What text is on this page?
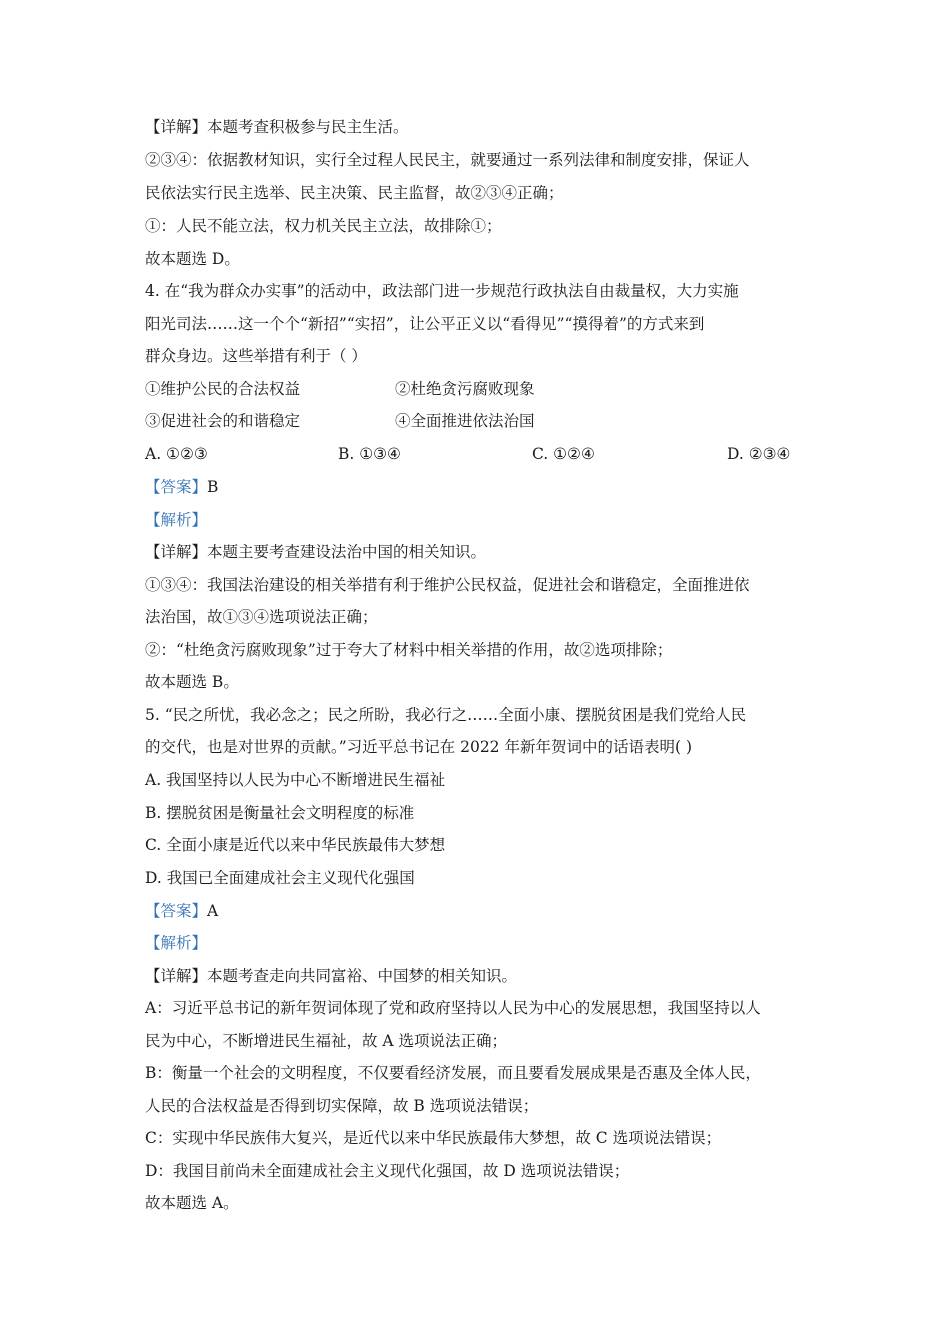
【详解】本题考查积极参与民主生活。
②③④：依据教材知识，实行全过程人民民主，就要通过一系列法律和制度安排，保证人
民依法实行民主选举、民主决策、民主监督，故②③④正确；
①：人民不能立法，权力机关民主立法，故排除①；
故本题选 D。
4. 在“我为群众办实事”的活动中，政法部门进一步规范行政执法自由裁量权，大力实施
阳光司法……这一个个“新招”“实招”，让公平正义以“看得见”“摸得着”的方式来到
群众身边。这些举措有利于（ ）
①维护公民的合法权益	②杜绝贪污腐败现象
③促进社会的和谐稳定	④全面推进依法治国
A. ①②③	B. ①③④	C. ①②④	D. ②③④
【答案】B
【解析】
【详解】本题主要考查建设法治中国的相关知识。
①③④：我国法治建设的相关举措有利于维护公民权益，促进社会和谐稳定，全面推进依
法治国，故①③④选项说法正确；
②：“杜绝贪污腐败现象”过于夸大了材料中相关举措的作用，故②选项排除；
故本题选 B。
5. “民之所忧，我必念之；民之所盼，我必行之……全面小康、摆脱贫困是我们党给人民
的交代，也是对世界的贡献。”习近平总书记在 2022 年新年贺词中的话语表明( )
A. 我国坚持以人民为中心不断增进民生福祉
B. 摆脱贫困是衡量社会文明程度的标准
C. 全面小康是近代以来中华民族最伟大梦想
D. 我国已全面建成社会主义现代化强国
【答案】A
【解析】
【详解】本题考查走向共同富裕、中国梦的相关知识。
A：习近平总书记的新年贺词体现了党和政府坚持以人民为中心的发展思想，我国坚持以人
民为中心，不断增进民生福祉，故 A 选项说法正确；
B：衡量一个社会的文明程度，不仅要看经济发展，而且要看发展成果是否惠及全体人民，
人民的合法权益是否得到切实保障，故 B 选项说法错误；
C：实现中华民族伟大复兴，是近代以来中华民族最伟大梦想，故 C 选项说法错误；
D：我国目前尚未全面建成社会主义现代化强国，故 D 选项说法错误；
故本题选 A。
